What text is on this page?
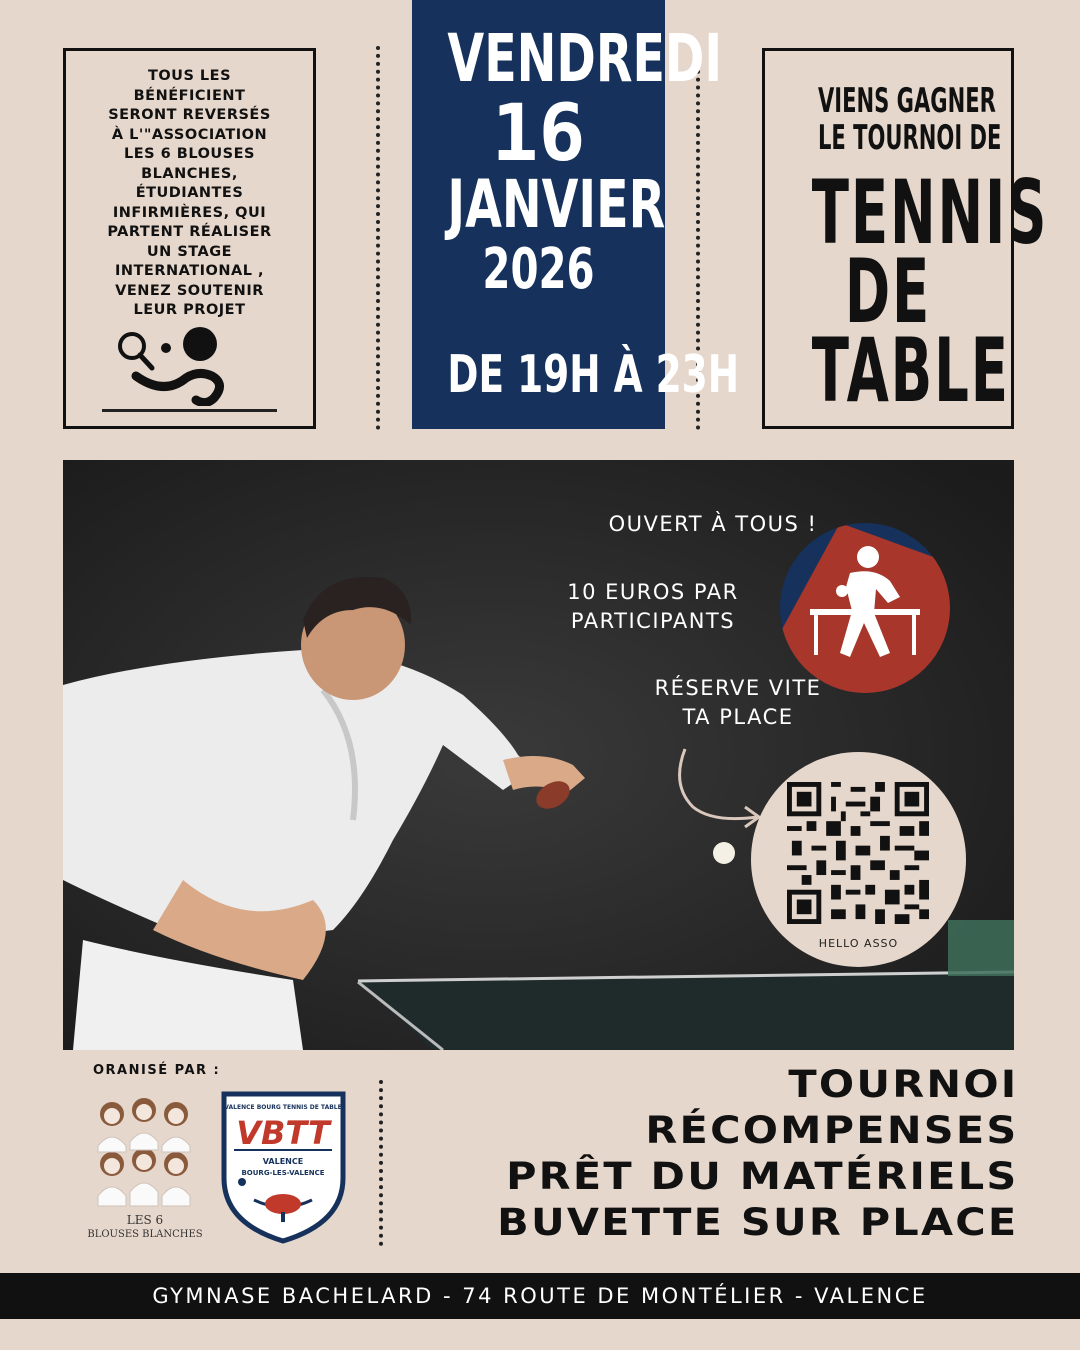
TOUS LES
BÉNÉFICIENT
SERONT REVERSÉS
À L'"ASSOCIATION
LES 6 BLOUSES
BLANCHES,
ÉTUDIANTES
INFIRMIÈRES, QUI
PARTENT RÉALISER
UN STAGE
INTERNATIONAL ,
VENEZ SOUTENIR
LEUR PROJET
VENDREDI
16
JANVIER
2026
DE 19H À 23H
VIENS GAGNER
LE TOURNOI DE
TENNIS
DE
TABLE
OUVERT À TOUS !
10 EUROS PAR
PARTICIPANTS
RÉSERVE VITE
TA PLACE
HELLO ASSO
ORANISÉ PAR :
LES 6
BLOUSES BLANCHES
VALENCE BOURG TENNIS DE TABLE
VBTT
VALENCE
BOURG-LES-VALENCE
TOURNOI
RÉCOMPENSES
PRÊT DU MATÉRIELS
BUVETTE SUR PLACE
GYMNASE BACHELARD - 74 ROUTE DE MONTÉLIER - VALENCE
